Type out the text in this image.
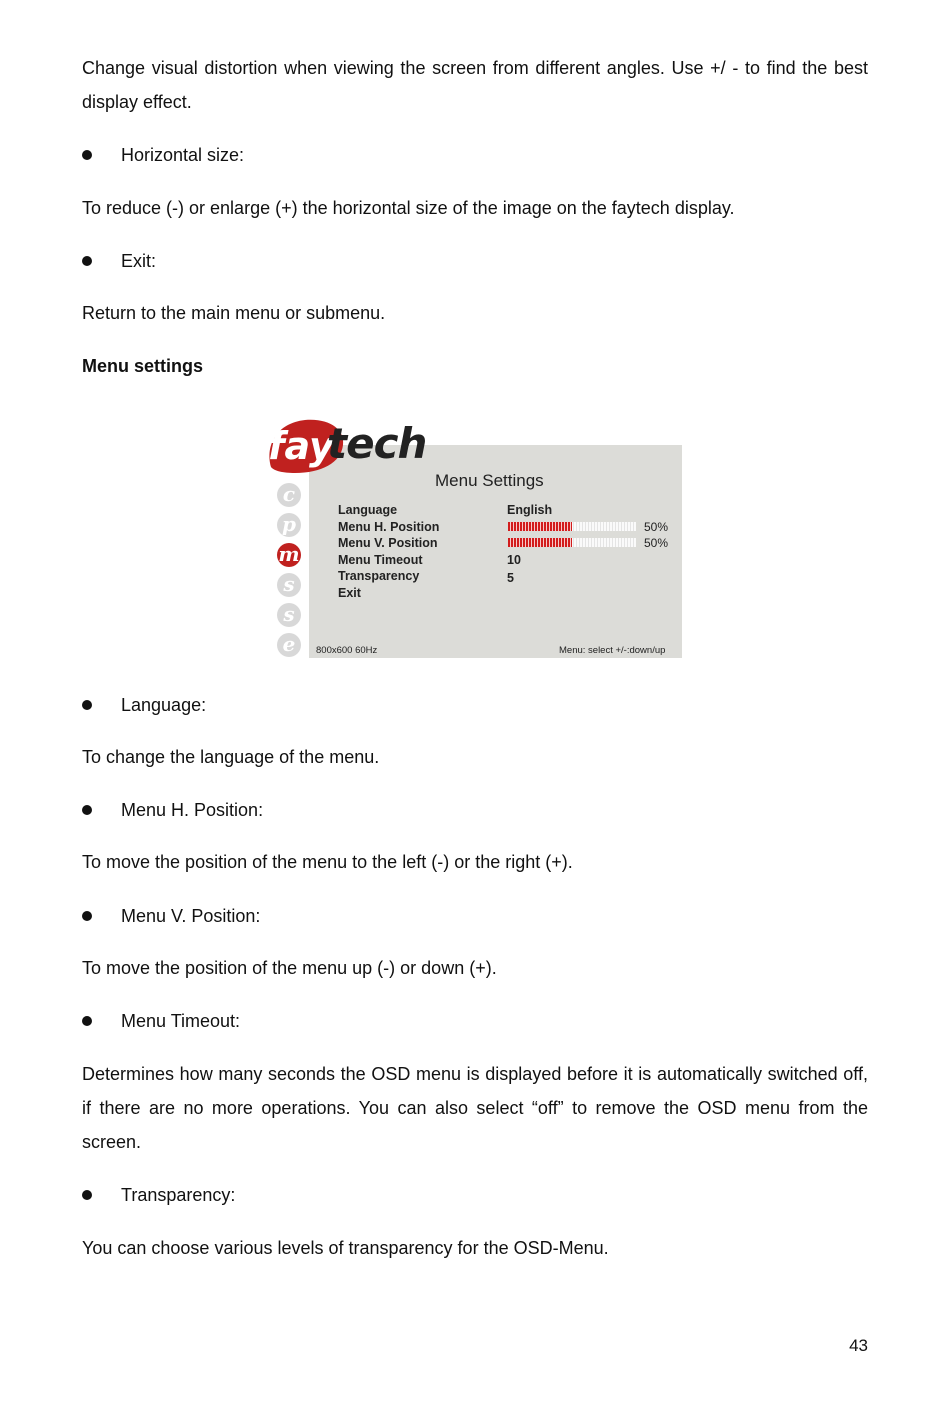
Change visual distortion when viewing the screen from different angles. Use +/ - to find the best display effect.
Horizontal size:
To reduce (-) or enlarge (+) the horizontal size of the image on the faytech display.
Exit:
Return to the main menu or submenu.
Menu settings
fay
tech
c
p
m
s
s
e
Menu Settings
Language	English
Menu H. Position	50%
Menu V. Position	50%
Menu Timeout	10
Transparency	5
Exit
800x600 60Hz	Menu: select +/-:down/up
Language:
To change the language of the menu.
Menu H. Position:
To move the position of the menu to the left (-) or the right (+).
Menu V. Position:
To move the position of the menu up (-) or down (+).
Menu Timeout:
Determines how many seconds the OSD menu is displayed before it is automatically switched off, if there are no more operations. You can also select “off” to remove the OSD menu from the screen.
Transparency:
You can choose various levels of transparency for the OSD-Menu.
43
